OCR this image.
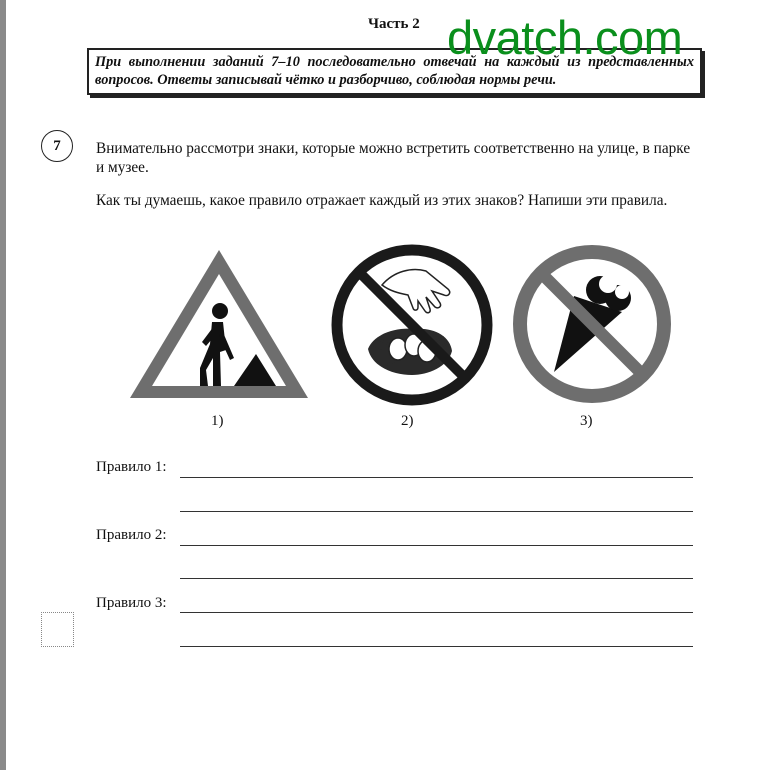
Часть 2
При выполнении заданий 7–10 последовательно отвечай на каждый из представленных вопросов. Ответы записывай чётко и разборчиво, соблюдая нормы речи.
dvatch.com
7	Внимательно рассмотри знаки, которые можно встретить соответственно на улице, в парке и музее.
Как ты думаешь, какое правило отражает каждый из этих знаков? Напиши эти правила.
1)	2)	3)
Правило 1:
Правило 2:
Правило 3:
